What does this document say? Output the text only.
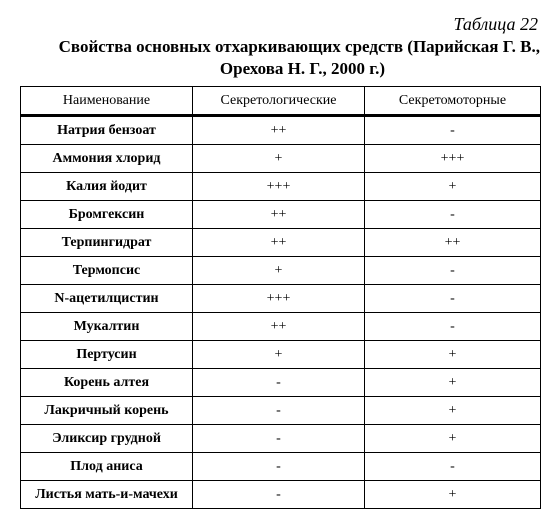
Таблица 22
Свойства основных отхаркивающих средств (Парийская Г. В.,
Орехова Н. Г., 2000 г.)
Наименование	Секретологические	Секретомоторные
Натрия бензоат	++	-
Аммония хлорид	+	+++
Калия йодит	+++	+
Бромгексин	++	-
Терпингидрат	++	++
Термопсис	+	-
N-ацетилцистин	+++	-
Мукалтин	++	-
Пертусин	+	+
Корень алтея	-	+
Лакричный корень	-	+
Эликсир грудной	-	+
Плод аниса	-	-
Листья мать-и-мачехи	-	+
